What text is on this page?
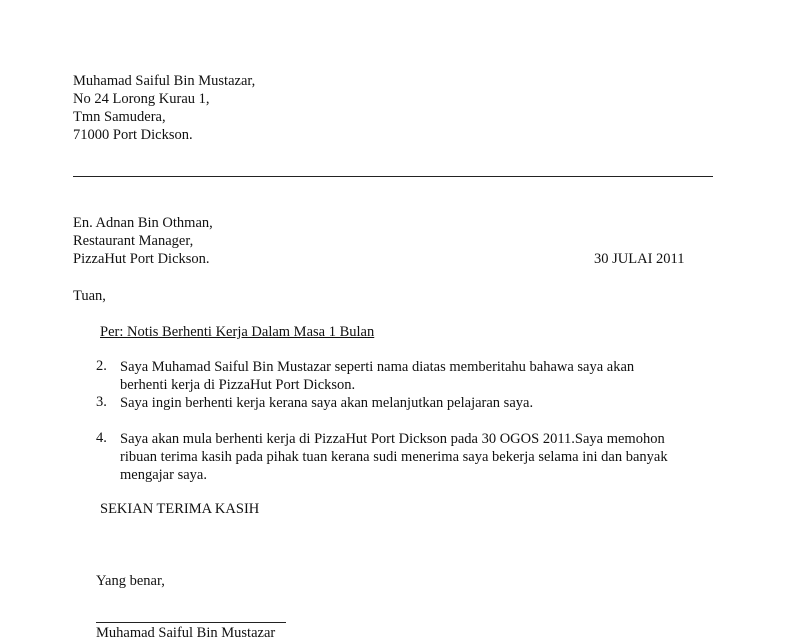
Muhamad Saiful Bin Mustazar,
No 24 Lorong Kurau 1,
Tmn Samudera,
71000 Port Dickson.
En. Adnan Bin Othman,
Restaurant Manager,
PizzaHut Port Dickson.	30 JULAI 2011
Tuan,
Per: Notis Berhenti Kerja Dalam Masa 1 Bulan
2. Saya Muhamad Saiful Bin Mustazar seperti nama diatas memberitahu bahawa saya akan
berhenti kerja di PizzaHut Port Dickson.
3. Saya ingin berhenti kerja kerana saya akan melanjutkan pelajaran saya.
4. Saya akan mula berhenti kerja di PizzaHut Port Dickson pada 30 OGOS 2011.Saya memohon
ribuan terima kasih pada pihak tuan kerana sudi menerima saya bekerja selama ini dan banyak
mengajar saya.
SEKIAN TERIMA KASIH
Yang benar,
Muhamad Saiful Bin Mustazar
